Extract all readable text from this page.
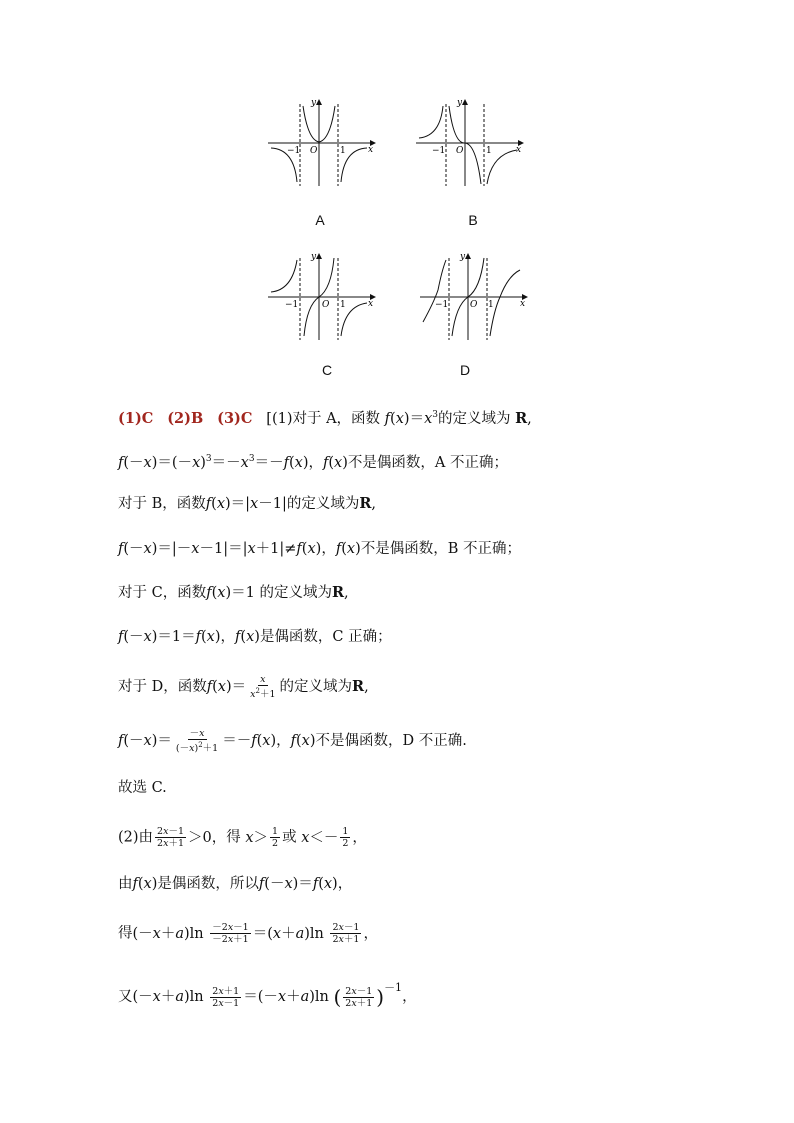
−1 O	1 x
y
A
−1 O	1	x
y
B
−1	O 1 x
y
C
−1 O 1	x
y
D
(1)C (2)B (3)C [(1)对于 A，函数 $f(x)=x^3$的定义域为 R,
$f(-x)=(-x)^3=-x^3=-f(x)$，f(x)不是偶函数，A 不正确；
对于 B，函数f(x)＝|x－1|的定义域为R,
f(－x)＝|－x－1|＝|x＋1|≠f(x)，f(x)不是偶函数，B 不正确；
对于 C，函数f(x)＝1 的定义域为R,
f(－x)＝1＝f(x)，f(x)是偶函数，C 正确；
对于 D，函数$f(x)= \frac{x}{x^2+1}$ 的定义域为R,
$f(-x)= \frac{-x}{(-x)^2+1} =-f(x)$，f(x)不是偶函数，D 不正确.
故选 C.
(2)由 $\frac{2x-1}{2x+1} >0$，得 $x> \frac{1}{2}$ 或 $x<- \frac{1}{2}$ ，
由f(x)是偶函数，所以f(－x)＝f(x)，
得$(-x+a)\ln \frac{-2x-1}{-2x+1} =(x+a)\ln \frac{2x-1}{2x+1}$ ，
又$(-x+a)\ln \frac{2x+1}{2x-1} =(-x+a)\ln$ ( $\frac{2x-1}{2x+1} )^{-1}$，
